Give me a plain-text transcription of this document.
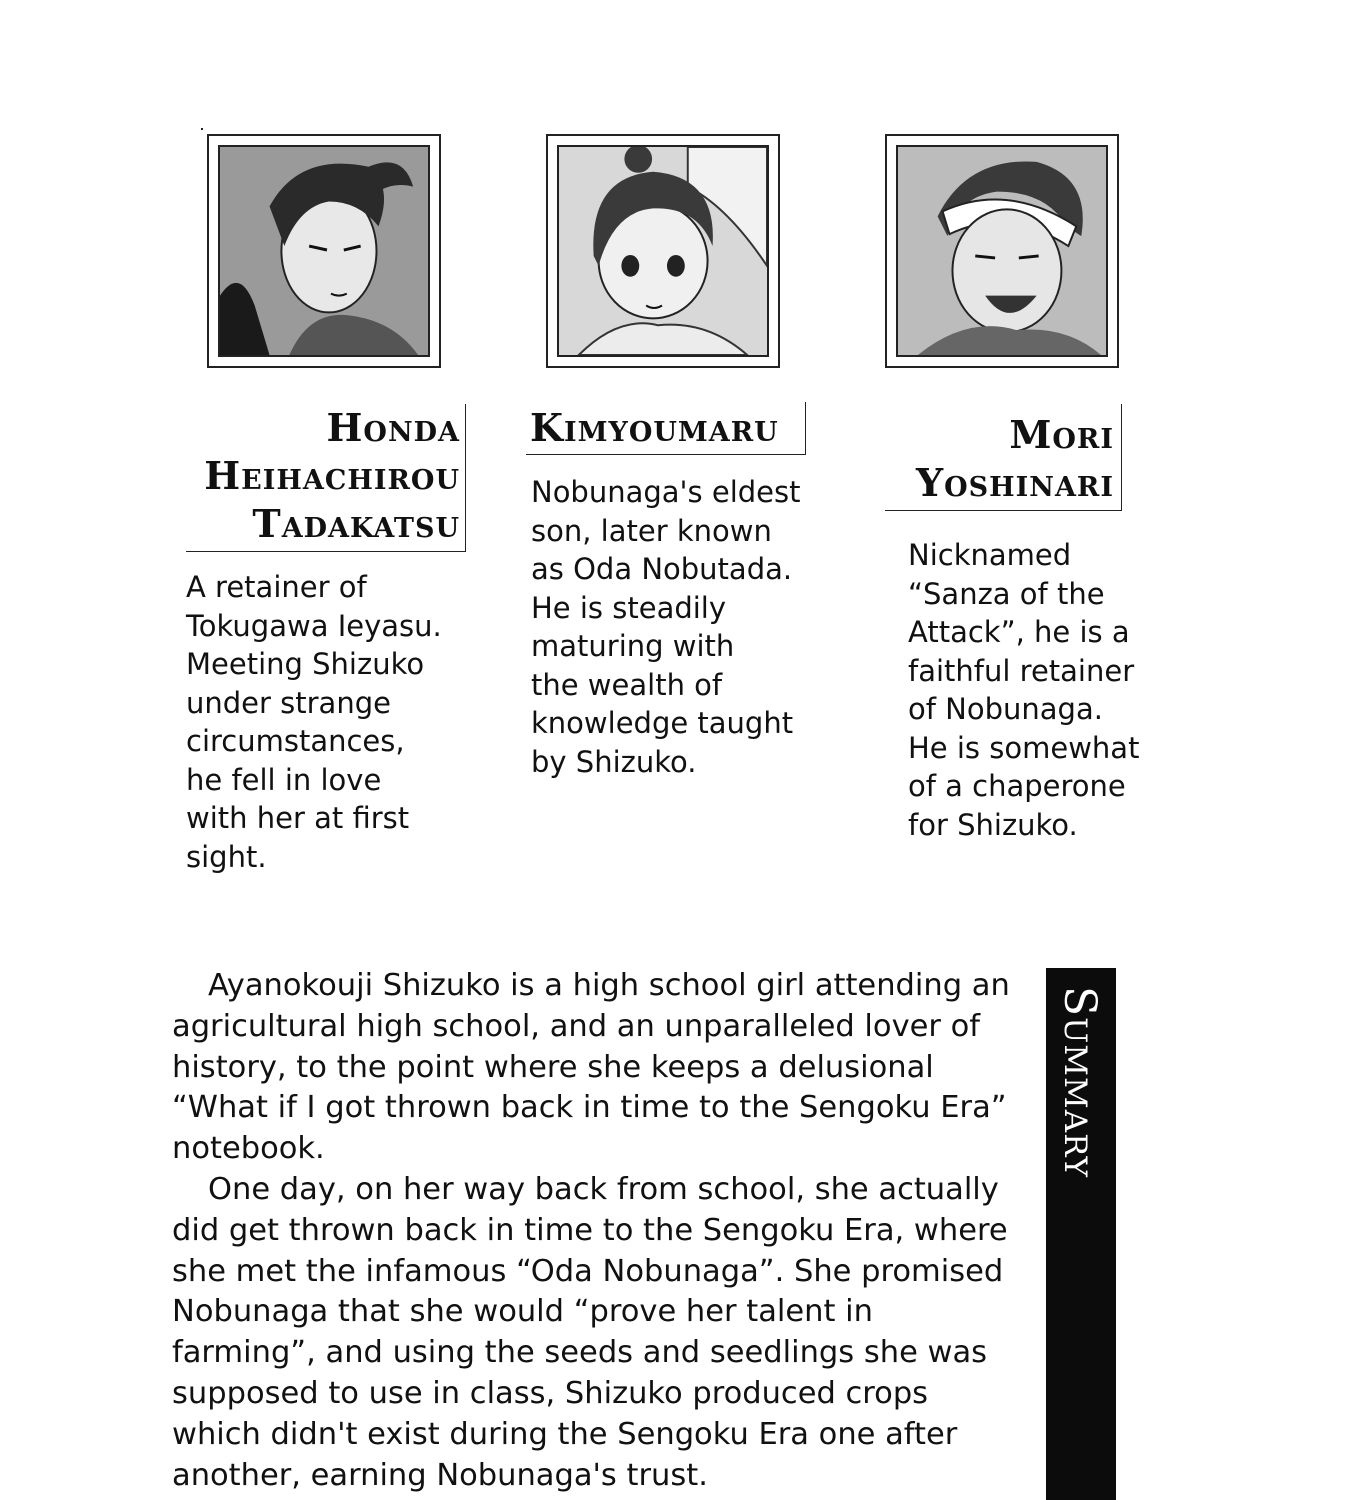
Honda
Heihachirou
Tadakatsu
Kimyoumaru	Mori
Yoshinari
A retainer of
Tokugawa Ieyasu.
Meeting Shizuko
under strange
circumstances,
he fell in love
with her at first
sight.
Nobunaga's eldest
son, later known
as Oda Nobutada.
He is steadily
maturing with
the wealth of
knowledge taught
by Shizuko.
Nicknamed
“Sanza of the
Attack”, he is a
faithful retainer
of Nobunaga.
He is somewhat
of a chaperone
for Shizuko.

Ayanokouji Shizuko is a high school girl attending an agricultural high school, and an unparalleled lover of history, to the point where she keeps a delusional “What if I got thrown back in time to the Sengoku Era” notebook.

One day, on her way back from school, she actually did get thrown back in time to the Sengoku Era, where she met the infamous “Oda Nobunaga”. She promised Nobunaga that she would “prove her talent in farming”, and using the seeds and seedlings she was supposed to use in class, Shizuko produced crops which didn't exist during the Sengoku Era one after another, earning Nobunaga's trust.

Summary
